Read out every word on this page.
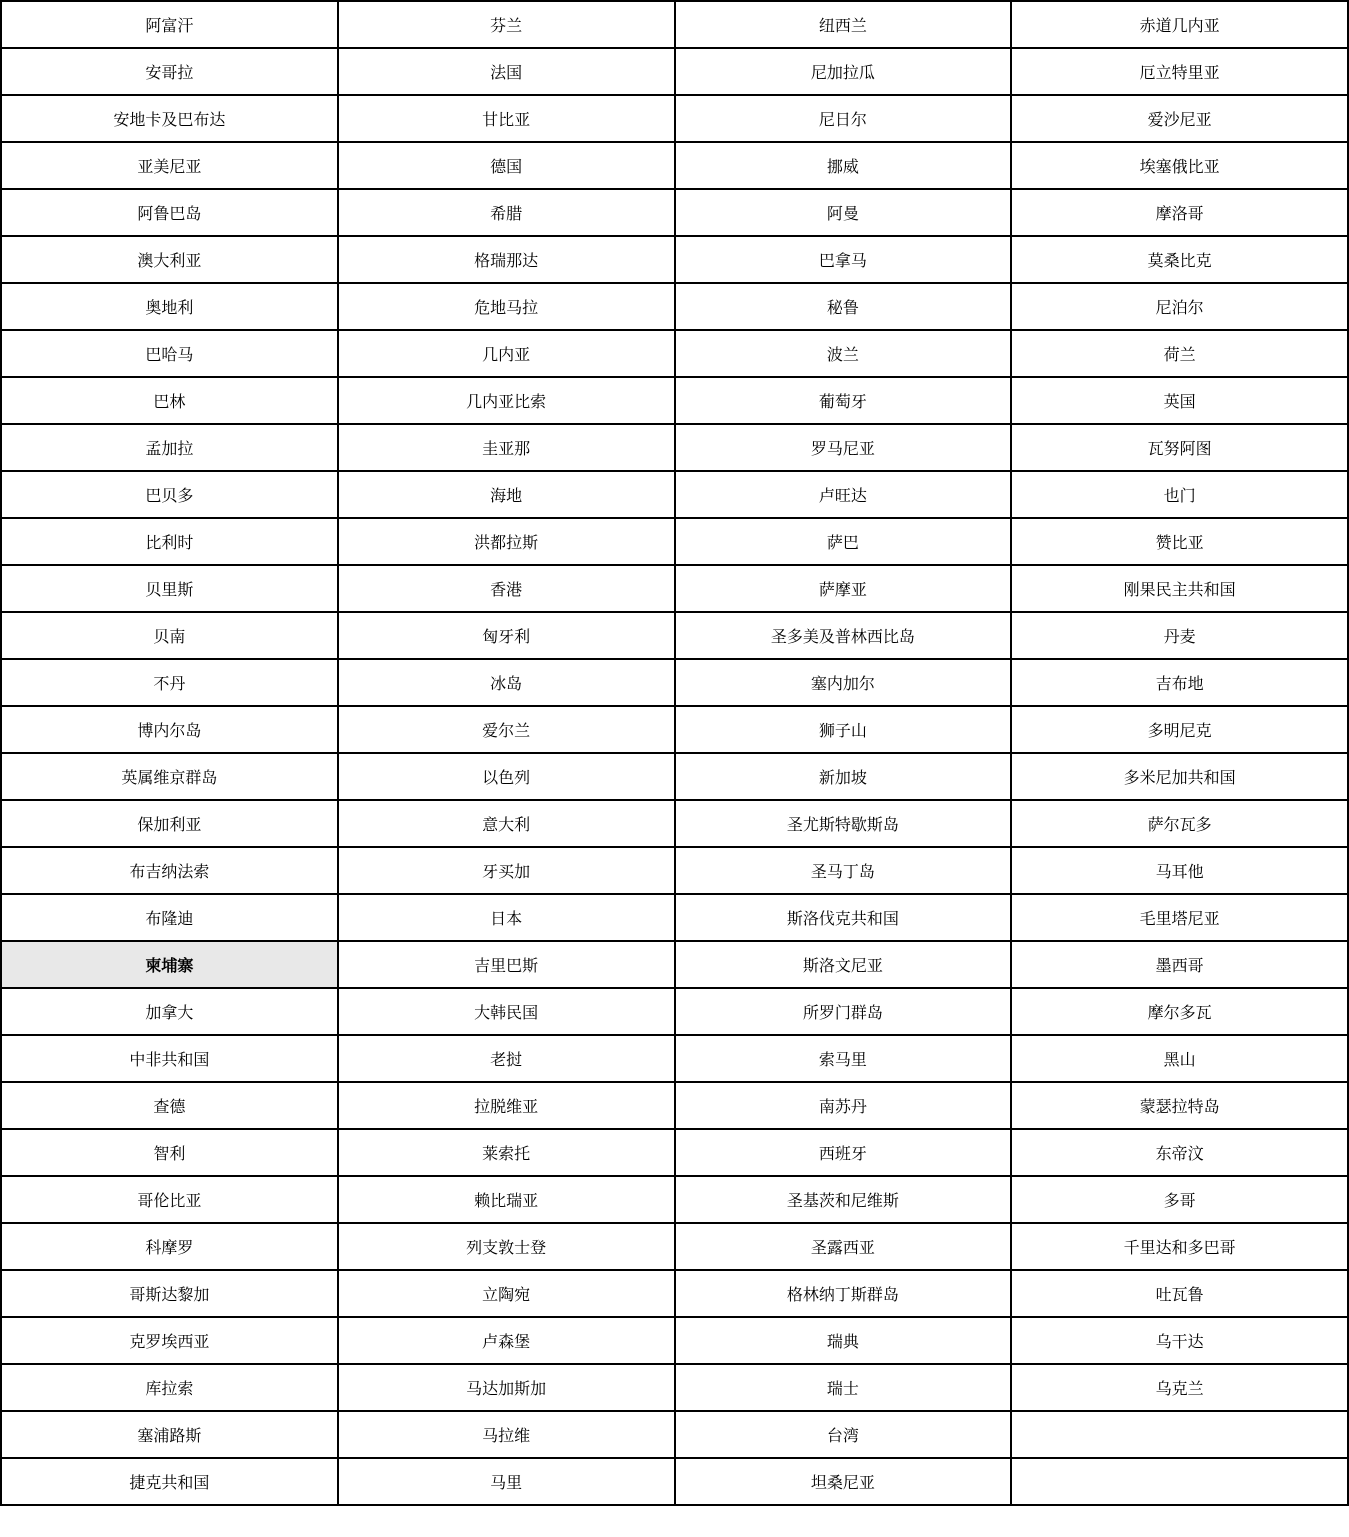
阿富汗	芬兰	纽西兰	赤道几内亚
安哥拉	法国	尼加拉瓜	厄立特里亚
安地卡及巴布达	甘比亚	尼日尔	爱沙尼亚
亚美尼亚	德国	挪威	埃塞俄比亚
阿鲁巴岛	希腊	阿曼	摩洛哥
澳大利亚	格瑞那达	巴拿马	莫桑比克
奥地利	危地马拉	秘鲁	尼泊尔
巴哈马	几内亚	波兰	荷兰
巴林	几内亚比索	葡萄牙	英国
孟加拉	圭亚那	罗马尼亚	瓦努阿图
巴贝多	海地	卢旺达	也门
比利时	洪都拉斯	萨巴	赞比亚
贝里斯	香港	萨摩亚	刚果民主共和国
贝南	匈牙利	圣多美及普林西比岛	丹麦
不丹	冰岛	塞内加尔	吉布地
博内尔岛	爱尔兰	狮子山	多明尼克
英属维京群岛	以色列	新加坡	多米尼加共和国
保加利亚	意大利	圣尤斯特歇斯岛	萨尔瓦多
布吉纳法索	牙买加	圣马丁岛	马耳他
布隆迪	日本	斯洛伐克共和国	毛里塔尼亚
柬埔寨	吉里巴斯	斯洛文尼亚	墨西哥
加拿大	大韩民国	所罗门群岛	摩尔多瓦
中非共和国	老挝	索马里	黑山
查德	拉脱维亚	南苏丹	蒙瑟拉特岛
智利	莱索托	西班牙	东帝汶
哥伦比亚	赖比瑞亚	圣基茨和尼维斯	多哥
科摩罗	列支敦士登	圣露西亚	千里达和多巴哥
哥斯达黎加	立陶宛	格林纳丁斯群岛	吐瓦鲁
克罗埃西亚	卢森堡	瑞典	乌干达
库拉索	马达加斯加	瑞士	乌克兰
塞浦路斯	马拉维	台湾	
捷克共和国	马里	坦桑尼亚	
